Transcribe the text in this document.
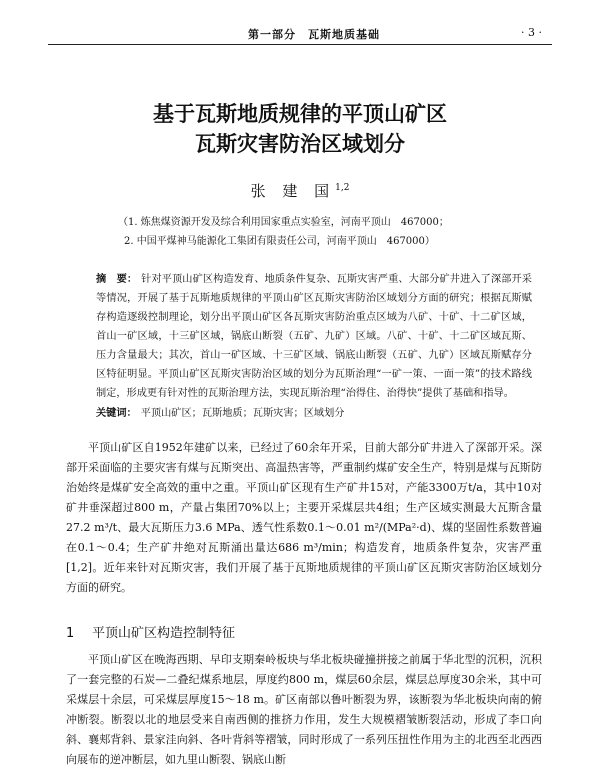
第一部分　瓦斯地质基础	· 3 ·
基于瓦斯地质规律的平顶山矿区
瓦斯灾害防治区域划分
张 建 国$^{1,2}$
（1. 炼焦煤资源开发及综合利用国家重点实验室，河南平顶山　467000；
2. 中国平煤神马能源化工集团有限责任公司，河南平顶山　467000）
摘　要： 针对平顶山矿区构造发育、地质条件复杂、瓦斯灾害严重、大部分矿井进入了深部开采等情况，开展了基于瓦斯地质规律的平顶山矿区瓦斯灾害防治区域划分方面的研究；根据瓦斯赋存构造逐级控制理论，划分出平顶山矿区各瓦斯灾害防治重点区域为八矿、十矿、十二矿区域，首山一矿区域，十三矿区域，锅底山断裂（五矿、九矿）区域。八矿、十矿、十二矿区域瓦斯、压力含量最大；其次，首山一矿区域、十三矿区域、锅底山断裂（五矿、九矿）区域瓦斯赋存分区特征明显。平顶山矿区瓦斯灾害防治区域的划分为瓦斯治理“一矿一策、一面一策”的技术路线制定，形成更有针对性的瓦斯治理方法，实现瓦斯治理“治得住、治得快”提供了基础和指导。
关键词： 平顶山矿区；瓦斯地质；瓦斯灾害；区域划分
平顶山矿区自1952年建矿以来，已经过了60余年开采，目前大部分矿井进入了深部开采。深部开采面临的主要灾害有煤与瓦斯突出、高温热害等，严重制约煤矿安全生产，特别是煤与瓦斯防治始终是煤矿安全高效的重中之重。平顶山矿区现有生产矿井15对，产能3300万t/a，其中10对矿井垂深超过800 m，产量占集团70%以上；主要开采煤层共4组；生产区域实测最大瓦斯含量27.2 m³/t、最大瓦斯压力3.6 MPa、透气性系数0.1～0.01 m²/(MPa²·d)、煤的坚固性系数普遍在0.1～0.4；生产矿井绝对瓦斯涌出量达686 m³/min；构造发育，地质条件复杂，灾害严重[1,2]。近年来针对瓦斯灾害，我们开展了基于瓦斯地质规律的平顶山矿区瓦斯灾害防治区域划分方面的研究。
1 平顶山矿区构造控制特征
平顶山矿区在晚海西期、早印支期秦岭板块与华北板块碰撞拼接之前属于华北型的沉积，沉积了一套完整的石炭—二叠纪煤系地层，厚度约800 m，煤层60余层，煤层总厚度30余米，其中可采煤层十余层，可采煤层厚度15～18 m。矿区南部以鲁叶断裂为界，该断裂为华北板块向南的俯冲断裂。断裂以北的地层受来自南西侧的推挤力作用，发生大规模褶皱断裂活动，形成了李口向斜、襄郏背斜、景家洼向斜、各叶背斜等褶皱，同时形成了一系列压扭性作用为主的北西至北西西向展布的逆冲断层，如九里山断裂、锅底山断
